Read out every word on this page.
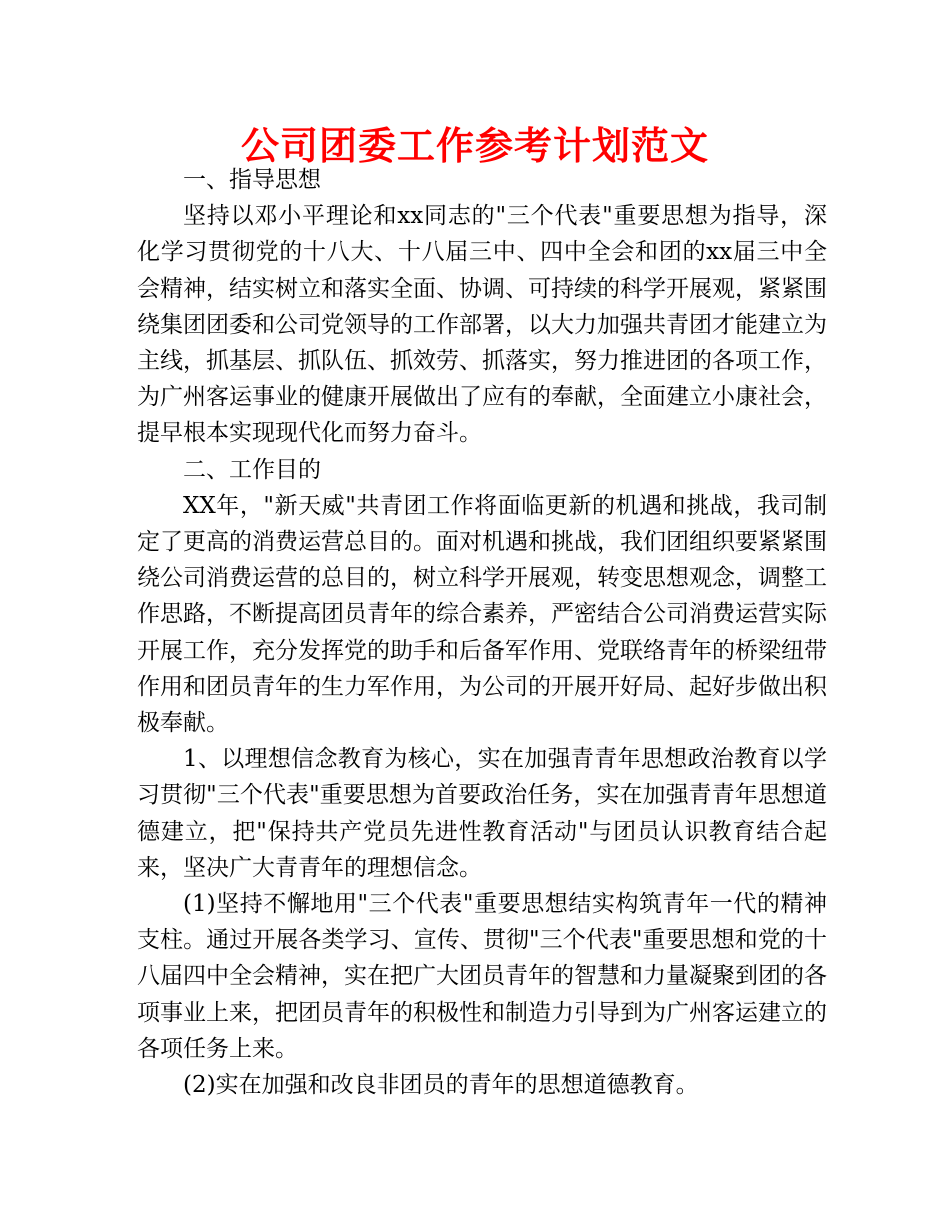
公司团委工作参考计划范文

一、指导思想

坚持以邓小平理论和xx同志的"三个代表"重要思想为指导，深化学习贯彻党的十八大、十八届三中、四中全会和团的xx届三中全会精神，结实树立和落实全面、协调、可持续的科学开展观，紧紧围绕集团团委和公司党领导的工作部署，以大力加强共青团才能建立为主线，抓基层、抓队伍、抓效劳、抓落实，努力推进团的各项工作，为广州客运事业的健康开展做出了应有的奉献，全面建立小康社会，提早根本实现现代化而努力奋斗。

二、工作目的

XX年，"新天威"共青团工作将面临更新的机遇和挑战，我司制定了更高的消费运营总目的。面对机遇和挑战，我们团组织要紧紧围绕公司消费运营的总目的，树立科学开展观，转变思想观念，调整工作思路，不断提高团员青年的综合素养，严密结合公司消费运营实际开展工作，充分发挥党的助手和后备军作用、党联络青年的桥梁纽带作用和团员青年的生力军作用，为公司的开展开好局、起好步做出积极奉献。

1、以理想信念教育为核心，实在加强青青年思想政治教育以学习贯彻"三个代表"重要思想为首要政治任务，实在加强青青年思想道德建立，把"保持共产党员先进性教育活动"与团员认识教育结合起来，坚决广大青青年的理想信念。

(1)坚持不懈地用"三个代表"重要思想结实构筑青年一代的精神支柱。通过开展各类学习、宣传、贯彻"三个代表"重要思想和党的十八届四中全会精神，实在把广大团员青年的智慧和力量凝聚到团的各项事业上来，把团员青年的积极性和制造力引导到为广州客运建立的各项任务上来。

(2)实在加强和改良非团员的青年的思想道德教育。
